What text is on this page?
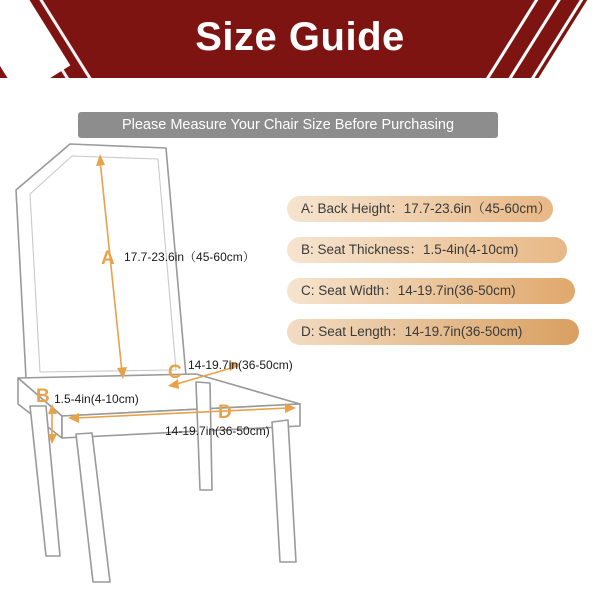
Size Guide
Please Measure Your Chair Size Before Purchasing
A 17.7-23.6in（45-60cm）
C 14-19.7in(36-50cm)
B 1.5-4in(4-10cm)
D
14-19.7in(36-50cm)
A: Back Height：17.7-23.6in（45-60cm）
B: Seat Thickness：1.5-4in(4-10cm)
C: Seat Width：14-19.7in(36-50cm)
D: Seat Length：14-19.7in(36-50cm)
